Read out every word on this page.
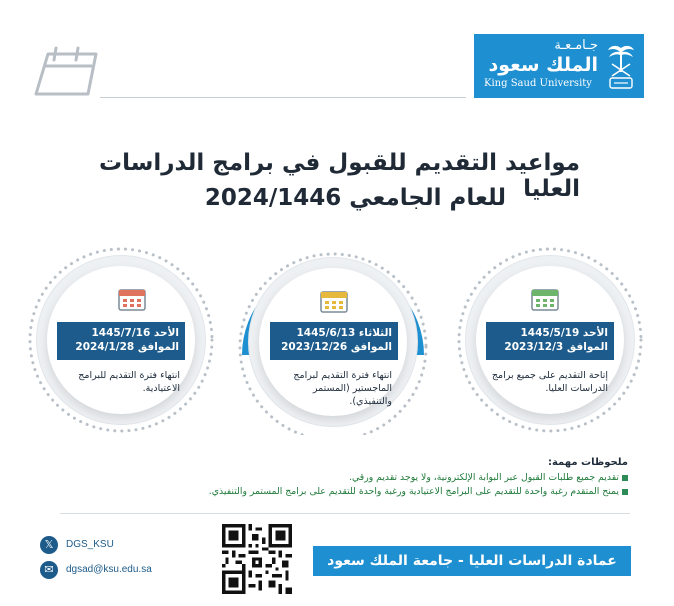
جـامـعـة
الملك سعود
King Saud University
مواعيد التقديم للقبول في برامج الدراسات العليا
للعام الجامعي 2024/1446
الأحد 1445/5/19
الموافق 2023/12/3
إتاحة التقديم على جميع برامج الدراسات العليا.
الثلاثاء 1445/6/13
الموافق 2023/12/26
انتهاء فترة التقديم لبرامج الماجستير (المستمر والتنفيذي).
الأحد 1445/7/16
الموافق 2024/1/28
انتهاء فترة التقديم للبرامج الاعتيادية.
ملحوظات مهمة:
تقديم جميع طلبات القبول عبر البوابة الإلكترونية، ولا يوجد تقديم ورقي.
يمنح المتقدم رغبة واحدة للتقديم على البرامج الاعتيادية ورغبة واحدة للتقديم على برامج المستمر والتنفيذي.
𝕏	DGS_KSU
✉	dgsad@ksu.edu.sa
عمادة الدراسات العليا - جامعة الملك سعود
